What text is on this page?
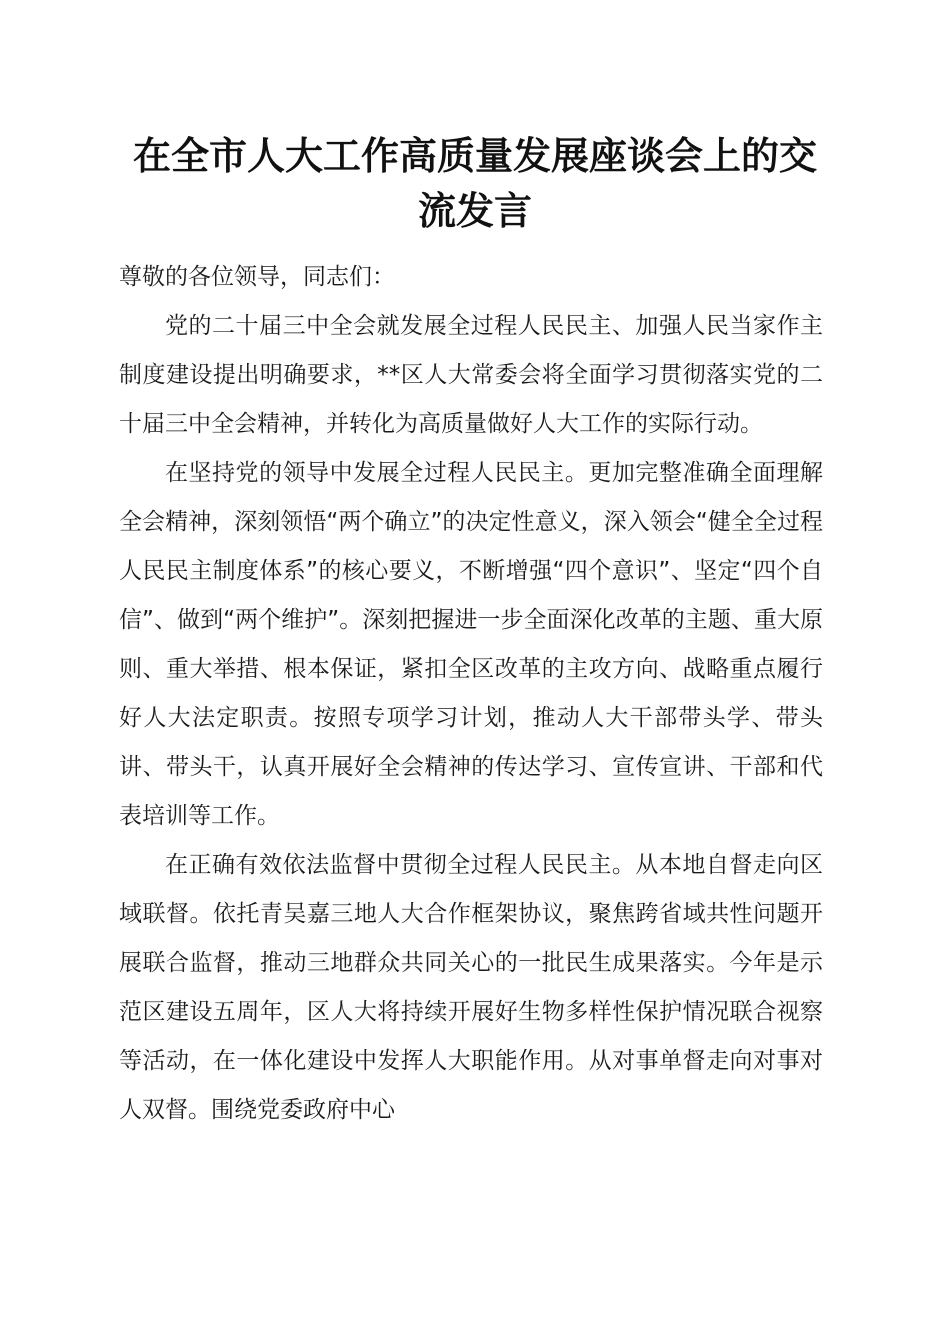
在全市人大工作高质量发展座谈会上的交流发言

尊敬的各位领导，同志们：

党的二十届三中全会就发展全过程人民民主、加强人民当家作主制度建设提出明确要求，**区人大常委会将全面学习贯彻落实党的二十届三中全会精神，并转化为高质量做好人大工作的实际行动。

在坚持党的领导中发展全过程人民民主。更加完整准确全面理解全会精神，深刻领悟“两个确立”的决定性意义，深入领会“健全全过程人民民主制度体系”的核心要义，不断增强“四个意识”、坚定“四个自信”、做到“两个维护”。深刻把握进一步全面深化改革的主题、重大原则、重大举措、根本保证，紧扣全区改革的主攻方向、战略重点履行好人大法定职责。按照专项学习计划，推动人大干部带头学、带头讲、带头干，认真开展好全会精神的传达学习、宣传宣讲、干部和代表培训等工作。

在正确有效依法监督中贯彻全过程人民民主。从本地自督走向区域联督。依托青吴嘉三地人大合作框架协议，聚焦跨省域共性问题开展联合监督，推动三地群众共同关心的一批民生成果落实。今年是示范区建设五周年，区人大将持续开展好生物多样性保护情况联合视察等活动，在一体化建设中发挥人大职能作用。从对事单督走向对事对人双督。围绕党委政府中心
